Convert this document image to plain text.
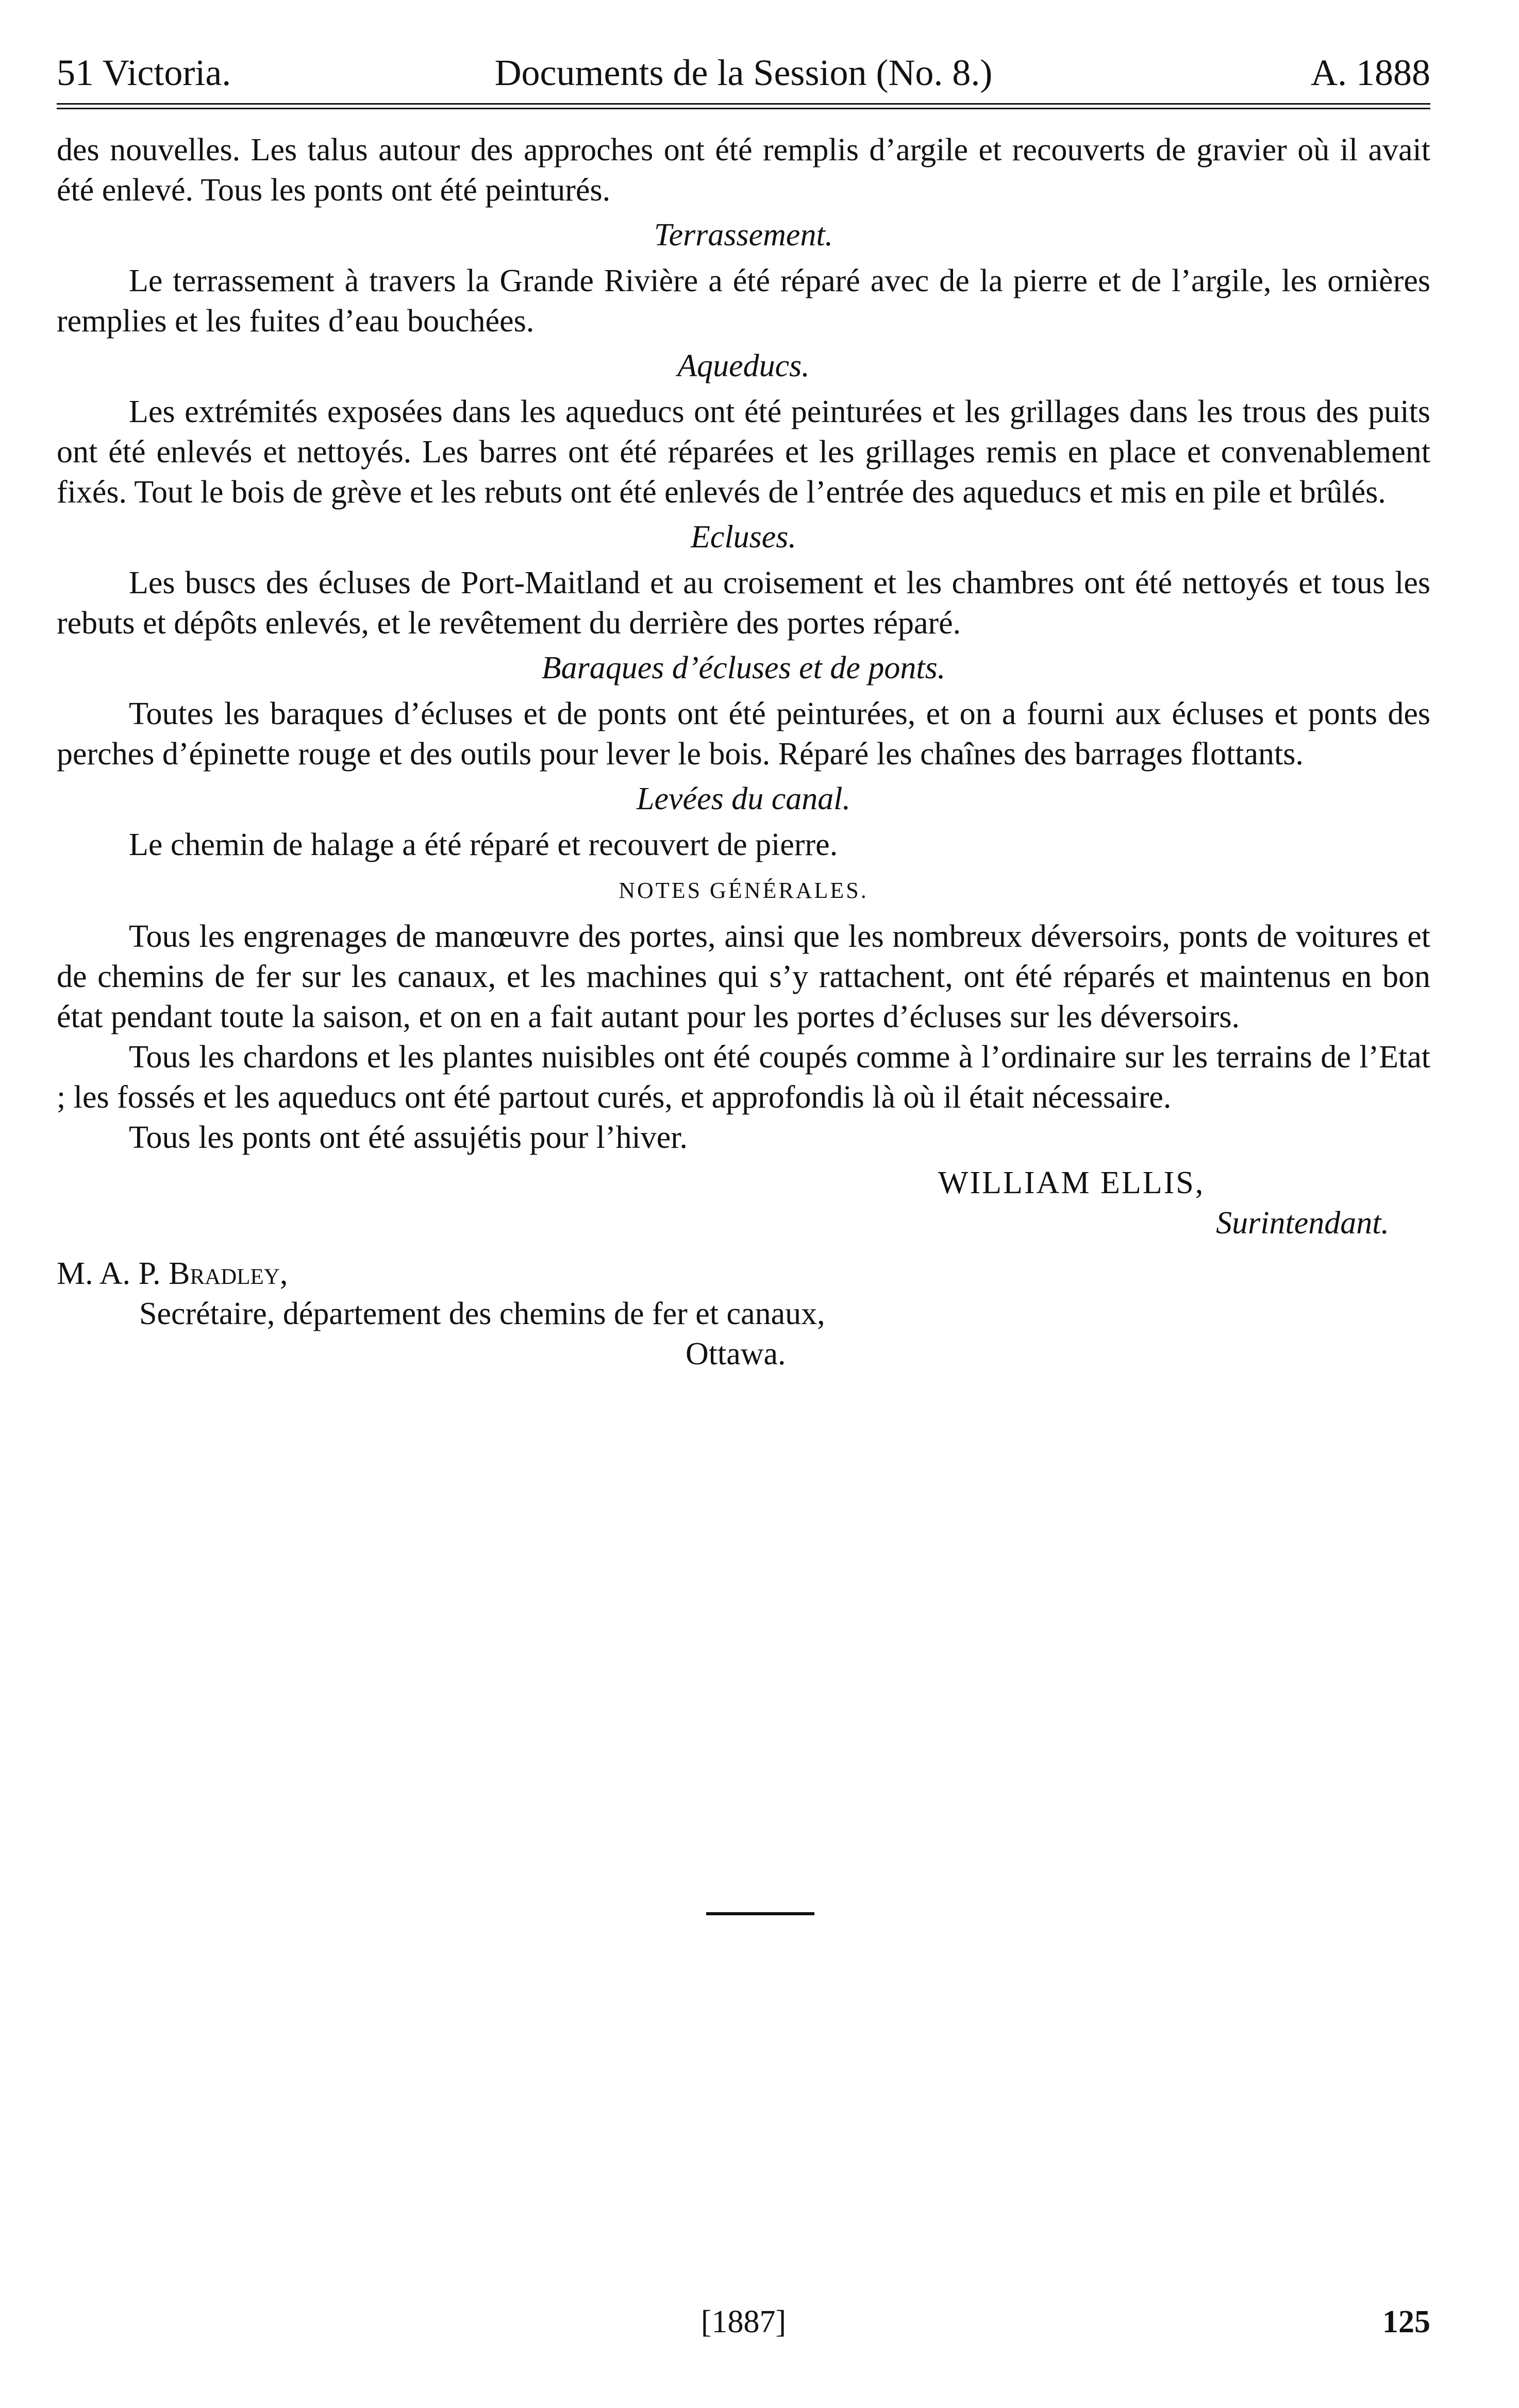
51 Victoria.	Documents de la Session (No. 8.)	A. 1888

des nouvelles. Les talus autour des approches ont été remplis d’argile et recouverts de gravier où il avait été enlevé. Tous les ponts ont été peinturés.

Terrassement.

Le terrassement à travers la Grande Rivière a été réparé avec de la pierre et de l’argile, les ornières remplies et les fuites d’eau bouchées.

Aqueducs.

Les extrémités exposées dans les aqueducs ont été peinturées et les grillages dans les trous des puits ont été enlevés et nettoyés. Les barres ont été réparées et les grillages remis en place et convenablement fixés. Tout le bois de grève et les rebuts ont été enlevés de l’entrée des aqueducs et mis en pile et brûlés.

Ecluses.

Les buscs des écluses de Port-Maitland et au croisement et les chambres ont été nettoyés et tous les rebuts et dépôts enlevés, et le revêtement du derrière des portes réparé.

Baraques d’écluses et de ponts.

Toutes les baraques d’écluses et de ponts ont été peinturées, et on a fourni aux écluses et ponts des perches d’épinette rouge et des outils pour lever le bois. Réparé les chaînes des barrages flottants.

Levées du canal.

Le chemin de halage a été réparé et recouvert de pierre.

NOTES GÉNÉRALES.

Tous les engrenages de manœuvre des portes, ainsi que les nombreux déversoirs, ponts de voitures et de chemins de fer sur les canaux, et les machines qui s’y rattachent, ont été réparés et maintenus en bon état pendant toute la saison, et on en a fait autant pour les portes d’écluses sur les déversoirs.

Tous les chardons et les plantes nuisibles ont été coupés comme à l’ordinaire sur les terrains de l’Etat ; les fossés et les aqueducs ont été partout curés, et approfondis là où il était nécessaire.

Tous les ponts ont été assujétis pour l’hiver.

WILLIAM ELLIS,
Surintendant.
M. A. P. Bradley,
Secrétaire, département des chemins de fer et canaux,
Ottawa.
[1887]	125
